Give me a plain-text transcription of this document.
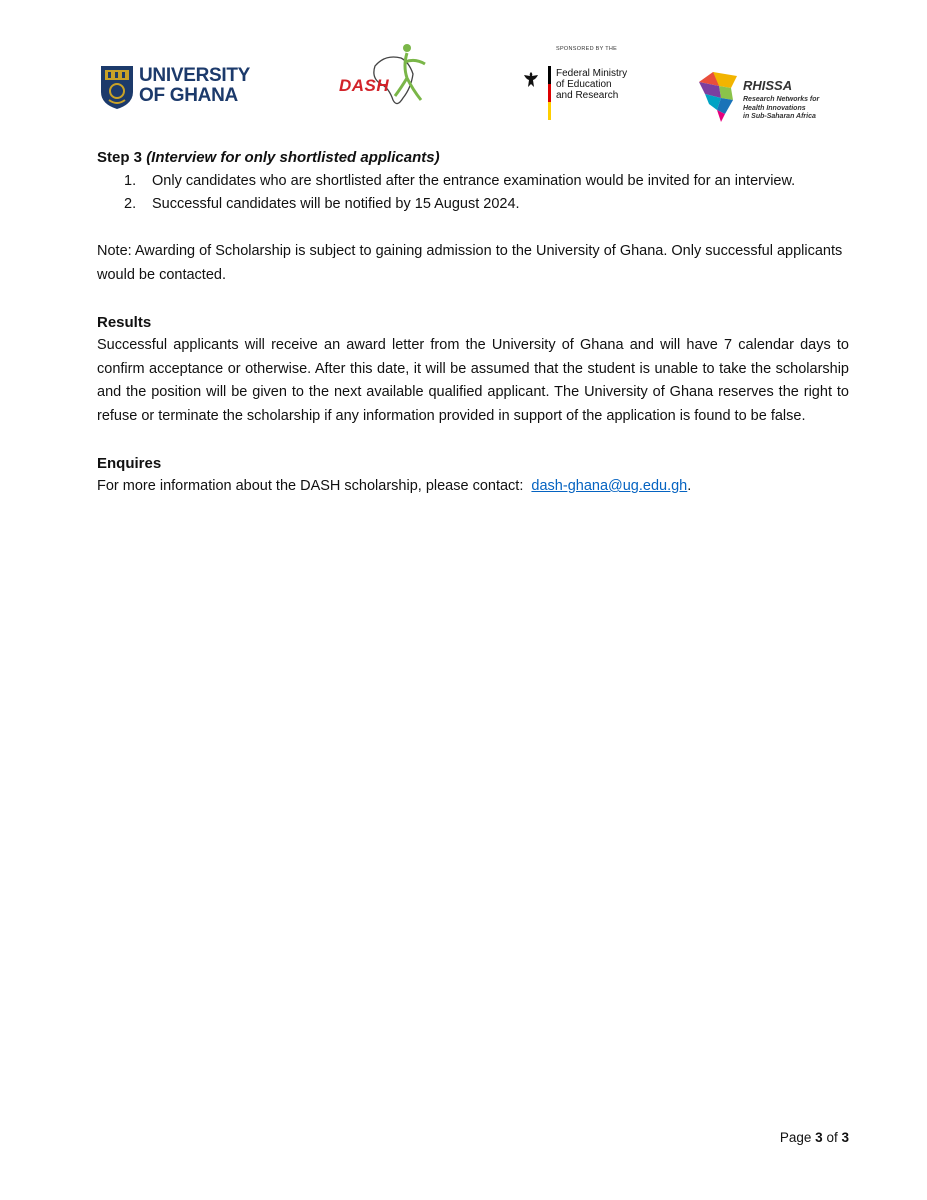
UNIVERSITY
OF GHANA	DASH
SPONSORED BY THE
Federal Ministry
of Education
and Research
RHISSA
Research Networks for
Health Innovations
in Sub-Saharan Africa

Step 3 (Interview for only shortlisted applicants)

1. Only candidates who are shortlisted after the entrance examination would be invited for an interview.
2. Successful candidates will be notified by 15 August 2024.

Note: Awarding of Scholarship is subject to gaining admission to the University of Ghana. Only successful applicants would be contacted.

Results

Successful applicants will receive an award letter from the University of Ghana and will have 7 calendar days to confirm acceptance or otherwise. After this date, it will be assumed that the student is unable to take the scholarship and the position will be given to the next available qualified applicant. The University of Ghana reserves the right to refuse or terminate the scholarship if any information provided in support of the application is found to be false.

Enquires

For more information about the DASH scholarship, please contact: dash-ghana@ug.edu.gh.

Page 3 of 3
